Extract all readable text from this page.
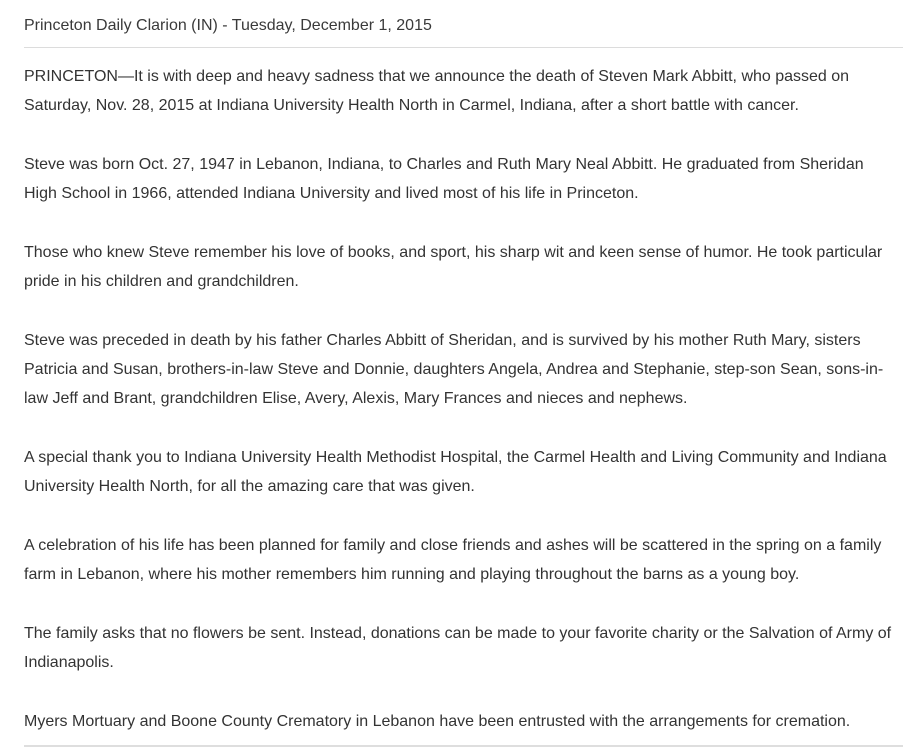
Princeton Daily Clarion (IN) - Tuesday, December 1, 2015

PRINCETON—It is with deep and heavy sadness that we announce the death of Steven Mark Abbitt, who passed on Saturday, Nov. 28, 2015 at Indiana University Health North in Carmel, Indiana, after a short battle with cancer.

Steve was born Oct. 27, 1947 in Lebanon, Indiana, to Charles and Ruth Mary Neal Abbitt. He graduated from Sheridan High School in 1966, attended Indiana University and lived most of his life in Princeton.

Those who knew Steve remember his love of books, and sport, his sharp wit and keen sense of humor. He took particular pride in his children and grandchildren.

Steve was preceded in death by his father Charles Abbitt of Sheridan, and is survived by his mother Ruth Mary, sisters Patricia and Susan, brothers-in-law Steve and Donnie, daughters Angela, Andrea and Stephanie, step-son Sean, sons-in-law Jeff and Brant, grandchildren Elise, Avery, Alexis, Mary Frances and nieces and nephews.

A special thank you to Indiana University Health Methodist Hospital, the Carmel Health and Living Community and Indiana University Health North, for all the amazing care that was given.

A celebration of his life has been planned for family and close friends and ashes will be scattered in the spring on a family farm in Lebanon, where his mother remembers him running and playing throughout the barns as a young boy.

The family asks that no flowers be sent. Instead, donations can be made to your favorite charity or the Salvation of Army of Indianapolis.

Myers Mortuary and Boone County Crematory in Lebanon have been entrusted with the arrangements for cremation.
